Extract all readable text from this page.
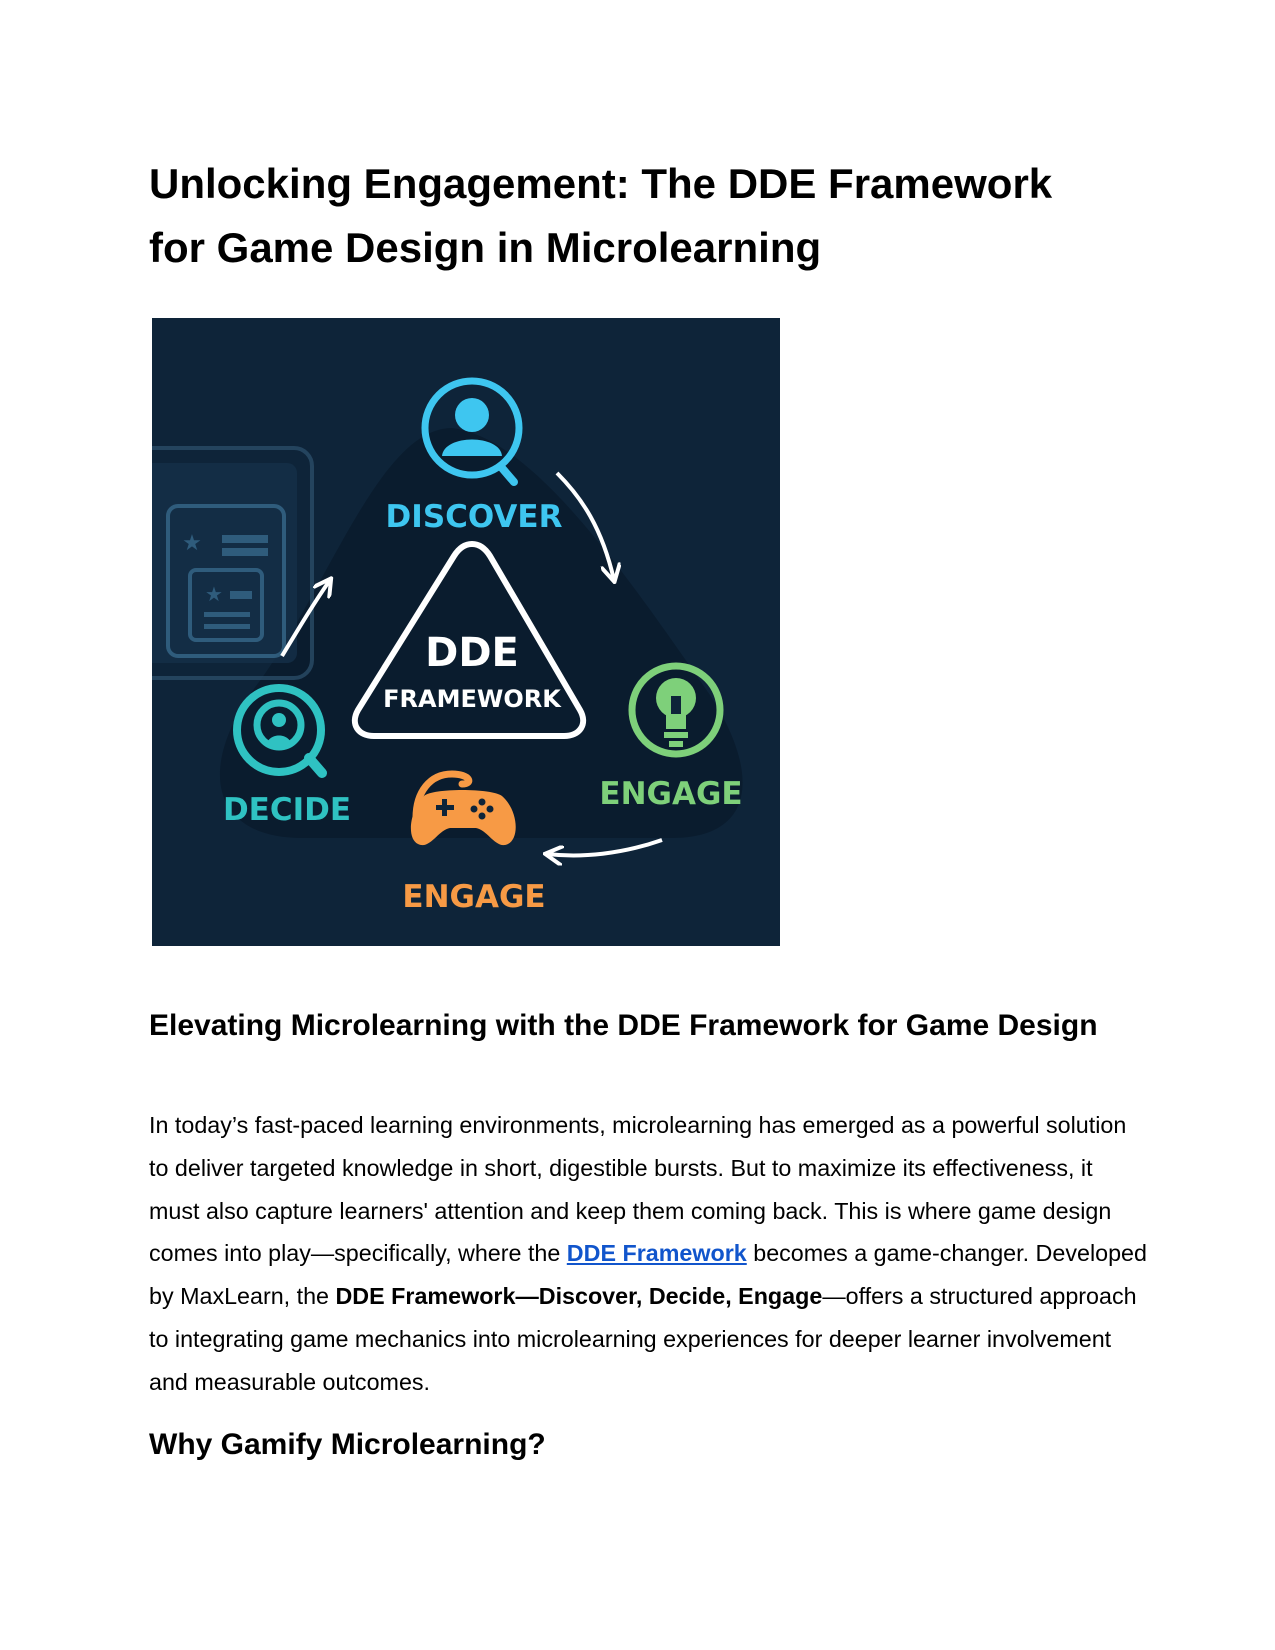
Unlocking Engagement: The DDE Framework
for Game Design in Microlearning
★
★
DISCOVER
DDE
FRAMEWORK
ENGAGE
ENGAGE
DECIDE
Elevating Microlearning with the DDE Framework for Game Design

In today’s fast-paced learning environments, microlearning has emerged as a powerful solution to deliver targeted knowledge in short, digestible bursts. But to maximize its effectiveness, it must also capture learners' attention and keep them coming back. This is where game design comes into play—specifically, where the DDE Framework becomes a game-changer. Developed by MaxLearn, the DDE Framework—Discover, Decide, Engage—offers a structured approach to integrating game mechanics into microlearning experiences for deeper learner involvement and measurable outcomes.

Why Gamify Microlearning?
